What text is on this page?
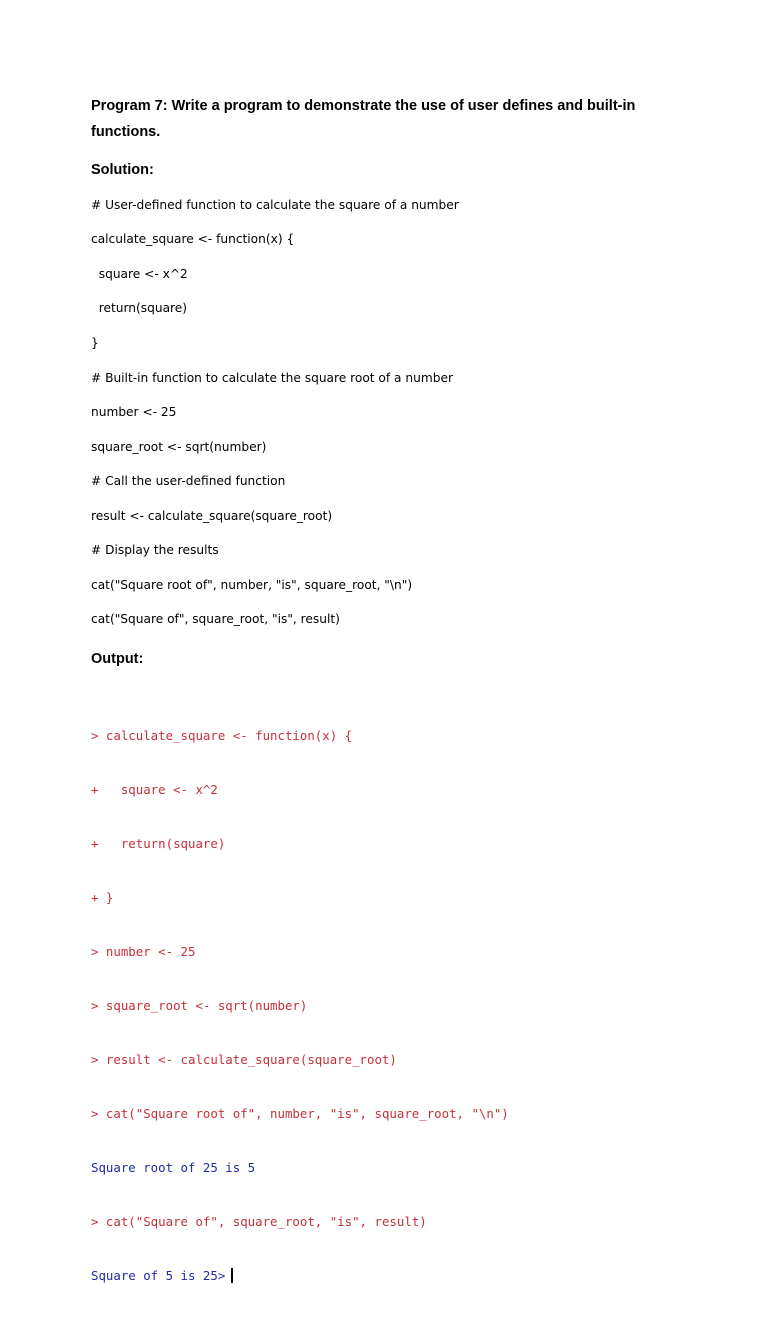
Program 7: Write a program to demonstrate the use of user defines and built-in functions.
Solution:

# User-defined function to calculate the square of a number

calculate_square <- function(x) {

square <- x^2

return(square)

}

# Built-in function to calculate the square root of a number

number <- 25

square_root <- sqrt(number)

# Call the user-defined function

result <- calculate_square(square_root)

# Display the results

cat("Square root of", number, "is", square_root, "\n")

cat("Square of", square_root, "is", result)

Output:

> calculate_square <- function(x) {

+   square <- x^2

+   return(square)

+ }

> number <- 25

> square_root <- sqrt(number)

> result <- calculate_square(square_root)

> cat("Square root of", number, "is", square_root, "\n")

Square root of 25 is 5

> cat("Square of", square_root, "is", result)

Square of 5 is 25>
